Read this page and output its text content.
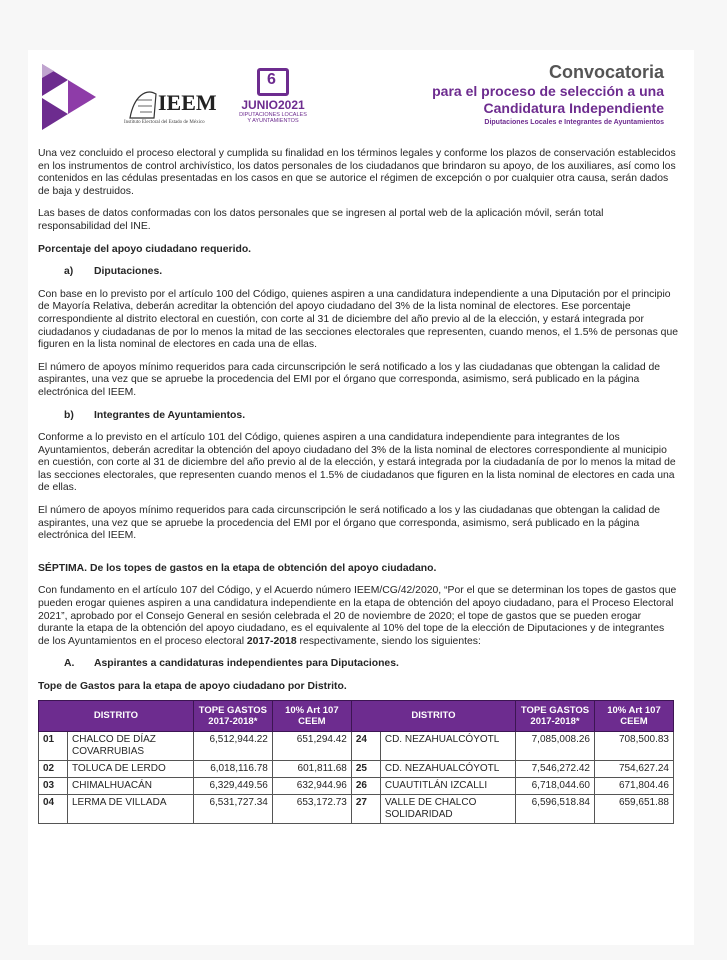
IEEM
Instituto Electoral del Estado de México
6
JUNIO2021
DIPUTACIONES LOCALES
Y AYUNTAMIENTOS
Convocatoria
para el proceso de selección a una
Candidatura Independiente
Diputaciones Locales e Integrantes de Ayuntamientos

Una vez concluido el proceso electoral y cumplida su finalidad en los términos legales y conforme los plazos de conservación establecidos en los instrumentos de control archivístico, los datos personales de los ciudadanos que brindaron su apoyo, de los auxiliares, así como los contenidos en las cédulas presentadas en los casos en que se autorice el régimen de excepción o por cualquier otra causa, serán dados de baja y destruidos.

Las bases de datos conformadas con los datos personales que se ingresen al portal web de la aplicación móvil, serán total responsabilidad del INE.

Porcentaje del apoyo ciudadano requerido.
a) Diputaciones.

Con base en lo previsto por el artículo 100 del Código, quienes aspiren a una candidatura independiente a una Diputación por el principio de Mayoría Relativa, deberán acreditar la obtención del apoyo ciudadano del 3% de la lista nominal de electores. Ese porcentaje correspondiente al distrito electoral en cuestión, con corte al 31 de diciembre del año previo al de la elección, y estará integrada por ciudadanos y ciudadanas de por lo menos la mitad de las secciones electorales que representen, cuando menos, el 1.5% de personas que figuren en la lista nominal de electores en cada una de ellas.

El número de apoyos mínimo requeridos para cada circunscripción le será notificado a los y las ciudadanas que obtengan la calidad de aspirantes, una vez que se apruebe la procedencia del EMI por el órgano que corresponda, asimismo, será publicado en la página electrónica del IEEM.

b) Integrantes de Ayuntamientos.

Conforme a lo previsto en el artículo 101 del Código, quienes aspiren a una candidatura independiente para integrantes de los Ayuntamientos, deberán acreditar la obtención del apoyo ciudadano del 3% de la lista nominal de electores correspondiente al municipio en cuestión, con corte al 31 de diciembre del año previo al de la elección, y estará integrada por la ciudadanía de por lo menos la mitad de las secciones electorales, que representen cuando menos el 1.5% de ciudadanos que figuren en la lista nominal de electores en cada una de ellas.

El número de apoyos mínimo requeridos para cada circunscripción le será notificado a los y las ciudadanas que obtengan la calidad de aspirantes, una vez que se apruebe la procedencia del EMI por el órgano que corresponda, asimismo, será publicado en la página electrónica del IEEM.

SÉPTIMA. De los topes de gastos en la etapa de obtención del apoyo ciudadano.

Con fundamento en el artículo 107 del Código, y el Acuerdo número IEEM/CG/42/2020, “Por el que se determinan los topes de gastos que pueden erogar quienes aspiren a una candidatura independiente en la etapa de obtención del apoyo ciudadano, para el Proceso Electoral 2021”, aprobado por el Consejo General en sesión celebrada el 20 de noviembre de 2020; el tope de gastos que se pueden erogar durante la etapa de la obtención del apoyo ciudadano, es el equivalente al 10% del tope de la elección de Diputaciones y de integrantes de los Ayuntamientos en el proceso electoral 2017-2018 respectivamente, siendo los siguientes:

A. Aspirantes a candidaturas independientes para Diputaciones.
Tope de Gastos para la etapa de apoyo ciudadano por Distrito.
DISTRITO		TOPE GASTOS 2017-2018*	10% Art 107 CEEM	DISTRITO		TOPE GASTOS 2017-2018*	10% Art 107 CEEM
01	CHALCO DE DÍAZ COVARRUBIAS	6,512,944.22	651,294.42	24	CD. NEZAHUALCÓYOTL	7,085,008.26	708,500.83
02	TOLUCA DE LERDO	6,018,116.78	601,811.68	25	CD. NEZAHUALCÓYOTL	7,546,272.42	754,627.24
03	CHIMALHUACÁN	6,329,449.56	632,944.96	26	CUAUTITLÁN IZCALLI	6,718,044.60	671,804.46
04	LERMA DE VILLADA	6,531,727.34	653,172.73	27	VALLE DE CHALCO SOLIDARIDAD	6,596,518.84	659,651.88
